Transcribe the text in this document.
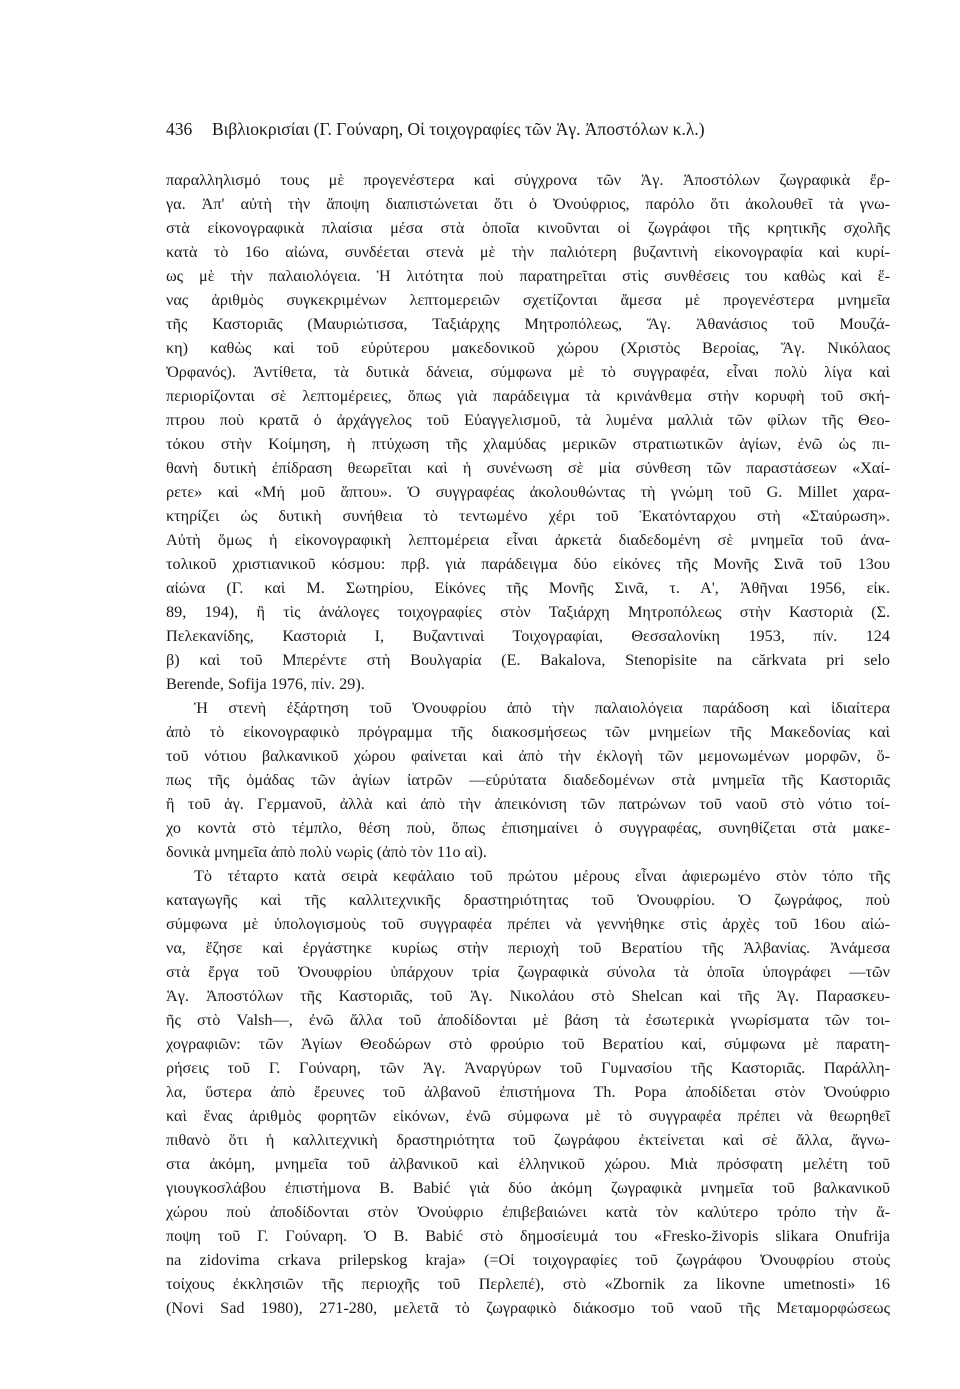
436 Βιβλιοκρισίαι (Γ. Γούναρη, Οἱ τοιχογραφίες τῶν Ἁγ. Ἀποστόλων κ.λ.)
παραλληλισμό τους μὲ προγενέστερα καὶ σύγχρονα τῶν Ἁγ. Ἀποστόλων ζωγραφικὰ ἔρ-
γα. Ἀπ' αὐτὴ τὴν ἄποψη διαπιστώνεται ὅτι ὁ Ὀνούφριος, παρόλο ὅτι ἀκολουθεῖ τὰ γνω-
στὰ εἰκονογραφικὰ πλαίσια μέσα στὰ ὁποῖα κινοῦνται οἱ ζωγράφοι τῆς κρητικῆς σχολῆς
κατὰ τὸ 16ο αἰώνα, συνδέεται στενὰ μὲ τὴν παλιότερη βυζαντινὴ εἰκονογραφία καὶ κυρί-
ως μὲ τὴν παλαιολόγεια. Ἡ λιτότητα ποὺ παρατηρεῖται στὶς συνθέσεις του καθὼς καὶ ἕ-
νας ἀριθμὸς συγκεκριμένων λεπτομερειῶν σχετίζονται ἄμεσα μὲ προγενέστερα μνημεῖα
τῆς Καστοριᾶς (Μαυριώτισσα, Ταξιάρχης Μητροπόλεως, Ἅγ. Ἀθανάσιος τοῦ Μουζά-
κη) καθὼς καὶ τοῦ εὐρύτερου μακεδονικοῦ χώρου (Χριστὸς Βεροίας, Ἅγ. Νικόλαος
Ὀρφανός). Ἀντίθετα, τὰ δυτικὰ δάνεια, σύμφωνα μὲ τὸ συγγραφέα, εἶναι πολὺ λίγα καὶ
περιορίζονται σὲ λεπτομέρειες, ὅπως γιὰ παράδειγμα τὰ κρινάνθεμα στὴν κορυφὴ τοῦ σκή-
πτρου ποὺ κρατᾶ ὁ ἀρχάγγελος τοῦ Εὐαγγελισμοῦ, τὰ λυμένα μαλλιὰ τῶν φίλων τῆς Θεο-
τόκου στὴν Κοίμηση, ἡ πτύχωση τῆς χλαμύδας μερικῶν στρατιωτικῶν ἁγίων, ἐνῶ ὡς πι-
θανὴ δυτικὴ ἐπίδραση θεωρεῖται καὶ ἡ συνένωση σὲ μία σύνθεση τῶν παραστάσεων «Χαί-
ρετε» καὶ «Μή μοῦ ἅπτου». Ὁ συγγραφέας ἀκολουθώντας τὴ γνώμη τοῦ G. Millet χαρα-
κτηρίζει ὡς δυτικὴ συνήθεια τὸ τεντωμένο χέρι τοῦ Ἑκατόνταρχου στὴ «Σταύρωση».
Αὐτὴ ὅμως ἡ εἰκονογραφικὴ λεπτομέρεια εἶναι ἀρκετὰ διαδεδομένη σὲ μνημεῖα τοῦ ἀνα-
τολικοῦ χριστιανικοῦ κόσμου: πρβ. γιὰ παράδειγμα δύο εἰκόνες τῆς Μονῆς Σινᾶ τοῦ 13ου
αἰώνα (Γ. καὶ Μ. Σωτηρίου, Εἰκόνες τῆς Μονῆς Σινᾶ, τ. Α', Ἀθῆναι 1956, εἰκ.
89, 194), ἢ τὶς ἀνάλογες τοιχογραφίες στὸν Ταξιάρχη Μητροπόλεως στὴν Καστοριὰ (Σ.
Πελεκανίδης, Καστοριὰ Ι, Βυζαντιναὶ Τοιχογραφίαι, Θεσσαλονίκη 1953, πίν. 124
β) καὶ τοῦ Μπερέντε στὴ Βουλγαρία (E. Bakalova, Stenopisite na cărkvata pri selo
Berende, Sofija 1976, πίν. 29).
Ἡ στενὴ ἐξάρτηση τοῦ Ὀνουφρίου ἀπὸ τὴν παλαιολόγεια παράδοση καὶ ἰδιαίτερα
ἀπὸ τὸ εἰκονογραφικὸ πρόγραμμα τῆς διακοσμήσεως τῶν μνημείων τῆς Μακεδονίας καὶ
τοῦ νότιου βαλκανικοῦ χώρου φαίνεται καὶ ἀπὸ τὴν ἐκλογὴ τῶν μεμονωμένων μορφῶν, ὅ-
πως τῆς ὁμάδας τῶν ἁγίων ἰατρῶν —εὑρύτατα διαδεδομένων στὰ μνημεῖα τῆς Καστοριᾶς
ἢ τοῦ ἁγ. Γερμανοῦ, ἀλλὰ καὶ ἀπὸ τὴν ἀπεικόνιση τῶν πατρώνων τοῦ ναοῦ στὸ νότιο τοί-
χο κοντὰ στὸ τέμπλο, θέση ποὺ, ὅπως ἐπισημαίνει ὁ συγγραφέας, συνηθίζεται στὰ μακε-
δονικὰ μνημεῖα ἀπὸ πολὺ νωρὶς (ἀπὸ τὸν 11ο αἰ).
Τὸ τέταρτο κατὰ σειρὰ κεφάλαιο τοῦ πρώτου μέρους εἶναι ἀφιερωμένο στὸν τόπο τῆς
καταγωγῆς καὶ τῆς καλλιτεχνικῆς δραστηριότητας τοῦ Ὀνουφρίου. Ὁ ζωγράφος, ποὺ
σύμφωνα μὲ ὑπολογισμοὺς τοῦ συγγραφέα πρέπει νὰ γεννήθηκε στὶς ἀρχὲς τοῦ 16ου αἰώ-
να, ἔζησε καὶ ἐργάστηκε κυρίως στὴν περιοχὴ τοῦ Βερατίου τῆς Ἀλβανίας. Ἀνάμεσα
στὰ ἔργα τοῦ Ὀνουφρίου ὑπάρχουν τρία ζωγραφικὰ σύνολα τὰ ὁποῖα ὑπογράφει —τῶν
Ἁγ. Ἀποστόλων τῆς Καστοριᾶς, τοῦ Ἁγ. Νικολάου στὸ Shelcan καὶ τῆς Ἁγ. Παρασκευ-
ῆς στὸ Valsh—, ἐνῶ ἄλλα τοῦ ἀποδίδονται μὲ βάση τὰ ἐσωτερικὰ γνωρίσματα τῶν τοι-
χογραφιῶν: τῶν Ἁγίων Θεοδώρων στὸ φρούριο τοῦ Βερατίου καί, σύμφωνα μὲ παρατη-
ρήσεις τοῦ Γ. Γούναρη, τῶν Ἁγ. Ἀναργύρων τοῦ Γυμνασίου τῆς Καστοριᾶς. Παράλλη-
λα, ὕστερα ἀπὸ ἔρευνες τοῦ ἀλβανοῦ ἐπιστήμονα Th. Popa ἀποδίδεται στὸν Ὀνούφριο
καὶ ἕνας ἀριθμὸς φορητῶν εἰκόνων, ἐνῶ σύμφωνα μὲ τὸ συγγραφέα πρέπει νὰ θεωρηθεῖ
πιθανὸ ὅτι ἡ καλλιτεχνικὴ δραστηριότητα τοῦ ζωγράφου ἐκτείνεται καὶ σὲ ἄλλα, ἄγνω-
στα ἀκόμη, μνημεῖα τοῦ ἀλβανικοῦ καὶ ἑλληνικοῦ χώρου. Μιὰ πρόσφατη μελέτη τοῦ
γιουγκοσλάβου ἐπιστήμονα B. Babić γιὰ δύο ἀκόμη ζωγραφικὰ μνημεῖα τοῦ βαλκανικοῦ
χώρου ποὺ ἀποδίδονται στὸν Ὀνούφριο ἐπιβεβαιώνει κατὰ τὸν καλύτερο τρόπο τὴν ἄ-
ποψη τοῦ Γ. Γούναρη. Ὁ B. Babić στὸ δημοσίευμά του «Fresko-živopis slikara Onufrija
na zidovima crkava prilepskog kraja» (=Οἱ τοιχογραφίες τοῦ ζωγράφου Ὀνουφρίου στοὺς
τοίχους ἐκκλησιῶν τῆς περιοχῆς τοῦ Περλεπέ), στὸ «Zbornik za likovne umetnosti» 16
(Novi Sad 1980), 271-280, μελετᾶ τὸ ζωγραφικὸ διάκοσμο τοῦ ναοῦ τῆς Μεταμορφώσεως
